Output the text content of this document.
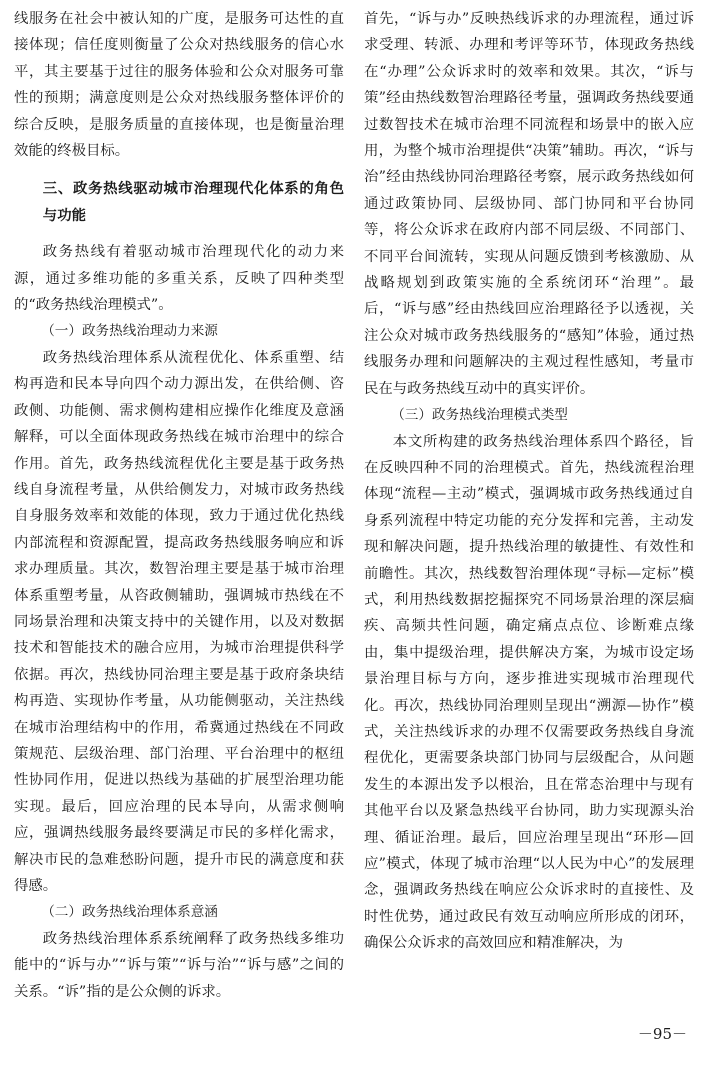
线服务在社会中被认知的广度，是服务可达性的直接体现；信任度则衡量了公众对热线服务的信心水平，其主要基于过往的服务体验和公众对服务可靠性的预期；满意度则是公众对热线服务整体评价的综合反映，是服务质量的直接体现，也是衡量治理效能的终极目标。

三、政务热线驱动城市治理现代化体系的角色与功能

政务热线有着驱动城市治理现代化的动力来源，通过多维功能的多重关系，反映了四种类型的“政务热线治理模式”。

（一）政务热线治理动力来源

政务热线治理体系从流程优化、体系重塑、结构再造和民本导向四个动力源出发，在供给侧、咨政侧、功能侧、需求侧构建相应操作化维度及意涵解释，可以全面体现政务热线在城市治理中的综合作用。首先，政务热线流程优化主要是基于政务热线自身流程考量，从供给侧发力，对城市政务热线自身服务效率和效能的体现，致力于通过优化热线内部流程和资源配置，提高政务热线服务响应和诉求办理质量。其次，数智治理主要是基于城市治理体系重塑考量，从咨政侧辅助，强调城市热线在不同场景治理和决策支持中的关键作用，以及对数据技术和智能技术的融合应用，为城市治理提供科学依据。再次，热线协同治理主要是基于政府条块结构再造、实现协作考量，从功能侧驱动，关注热线在城市治理结构中的作用，希冀通过热线在不同政策规范、层级治理、部门治理、平台治理中的枢纽性协同作用，促进以热线为基础的扩展型治理功能实现。最后，回应治理的民本导向，从需求侧响应，强调热线服务最终要满足市民的多样化需求，解决市民的急难愁盼问题，提升市民的满意度和获得感。

（二）政务热线治理体系意涵

政务热线治理体系系统阐释了政务热线多维功能中的“诉与办”“诉与策”“诉与治”“诉与感”之间的关系。“诉”指的是公众侧的诉求。

首先，“诉与办”反映热线诉求的办理流程，通过诉求受理、转派、办理和考评等环节，体现政务热线在“办理”公众诉求时的效率和效果。其次，“诉与策”经由热线数智治理路径考量，强调政务热线要通过数智技术在城市治理不同流程和场景中的嵌入应用，为整个城市治理提供“决策”辅助。再次，“诉与治”经由热线协同治理路径考察，展示政务热线如何通过政策协同、层级协同、部门协同和平台协同等，将公众诉求在政府内部不同层级、不同部门、不同平台间流转，实现从问题反馈到考核激励、从战略规划到政策实施的全系统闭环“治理”。最后，“诉与感”经由热线回应治理路径予以透视，关注公众对城市政务热线服务的“感知”体验，通过热线服务办理和问题解决的主观过程性感知，考量市民在与政务热线互动中的真实评价。

（三）政务热线治理模式类型

本文所构建的政务热线治理体系四个路径，旨在反映四种不同的治理模式。首先，热线流程治理体现“流程—主动”模式，强调城市政务热线通过自身系列流程中特定功能的充分发挥和完善，主动发现和解决问题，提升热线治理的敏捷性、有效性和前瞻性。其次，热线数智治理体现“寻标—定标”模式，利用热线数据挖掘探究不同场景治理的深层痼疾、高频共性问题，确定痛点点位、诊断难点缘由，集中提级治理，提供解决方案，为城市设定场景治理目标与方向，逐步推进实现城市治理现代化。再次，热线协同治理则呈现出“溯源—协作”模式，关注热线诉求的办理不仅需要政务热线自身流程优化，更需要条块部门协同与层级配合，从问题发生的本源出发予以根治，且在常态治理中与现有其他平台以及紧急热线平台协同，助力实现源头治理、循证治理。最后，回应治理呈现出“环形—回应”模式，体现了城市治理“以人民为中心”的发展理念，强调政务热线在响应公众诉求时的直接性、及时性优势，通过政民有效互动响应所形成的闭环，确保公众诉求的高效回应和精准解决，为

－95－
